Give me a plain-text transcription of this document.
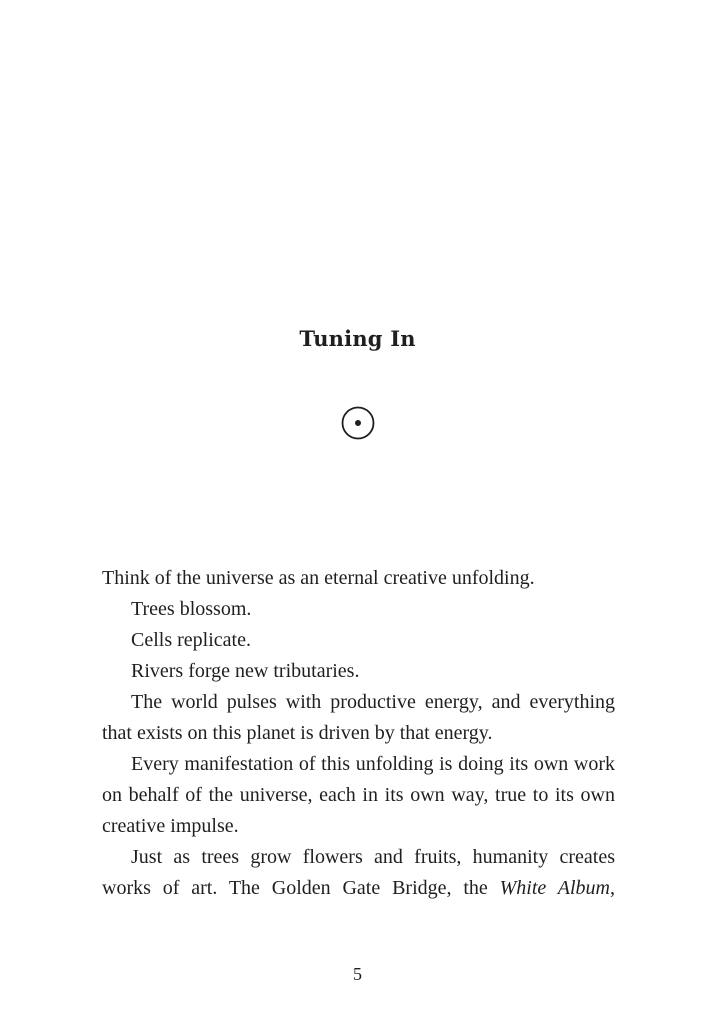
Tuning In

Think of the universe as an eternal creative unfolding.

Trees blossom.

Cells replicate.

Rivers forge new tributaries.

The world pulses with productive energy, and everything that exists on this planet is driven by that energy.

Every manifestation of this unfolding is doing its own work on behalf of the universe, each in its own way, true to its own creative impulse.

Just as trees grow flowers and fruits, humanity creates works of art. The Golden Gate Bridge, the White Album,

5
